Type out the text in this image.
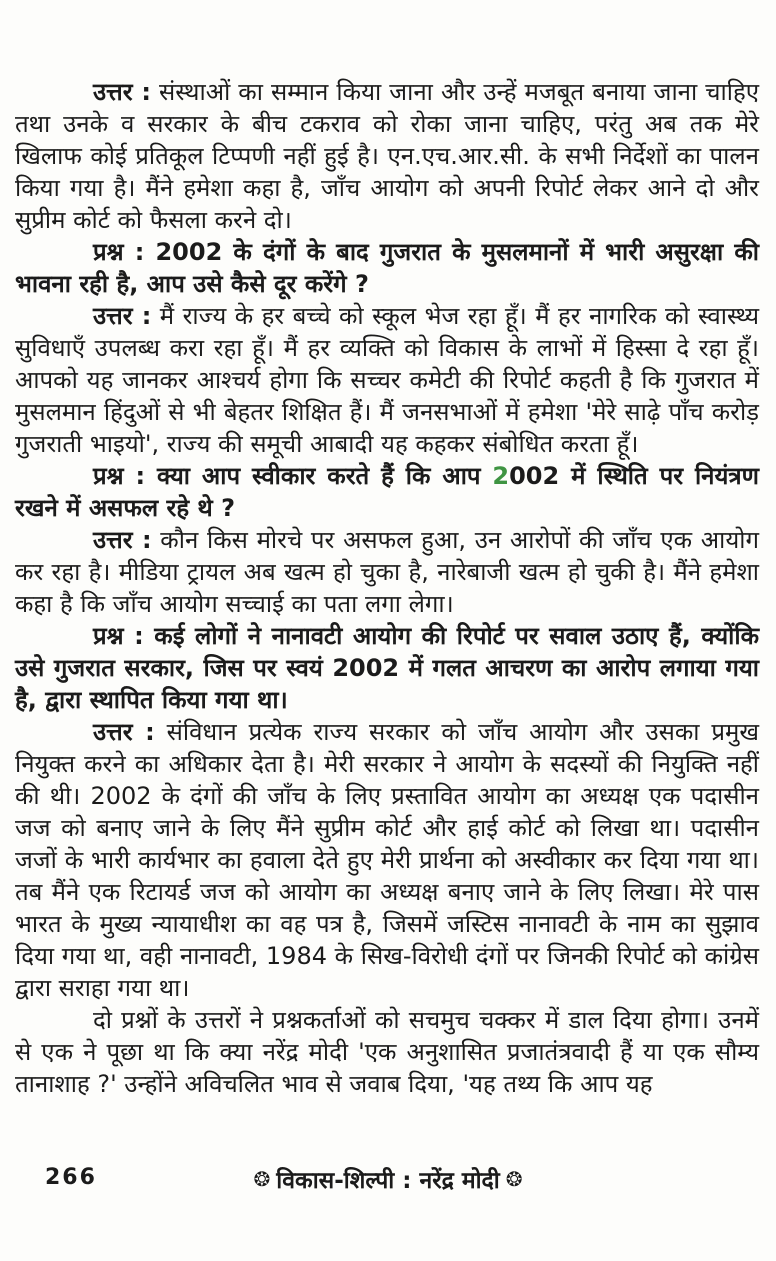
उत्तर : संस्थाओं का सम्मान किया जाना और उन्हें मजबूत बनाया जाना चाहिए तथा उनके व सरकार के बीच टकराव को रोका जाना चाहिए, परंतु अब तक मेरे खिलाफ कोई प्रतिकूल टिप्पणी नहीं हुई है। एन.एच.आर.सी. के सभी निर्देशों का पालन किया गया है। मैंने हमेशा कहा है, जाँच आयोग को अपनी रिपोर्ट लेकर आने दो और सुप्रीम कोर्ट को फैसला करने दो।

प्रश्न : 2002 के दंगों के बाद गुजरात के मुसलमानों में भारी असुरक्षा की भावना रही है, आप उसे कैसे दूर करेंगे ?

उत्तर : मैं राज्य के हर बच्चे को स्कूल भेज रहा हूँ। मैं हर नागरिक को स्वास्थ्य सुविधाएँ उपलब्ध करा रहा हूँ। मैं हर व्यक्ति को विकास के लाभों में हिस्सा दे रहा हूँ। आपको यह जानकर आश्चर्य होगा कि सच्चर कमेटी की रिपोर्ट कहती है कि गुजरात में मुसलमान हिंदुओं से भी बेहतर शिक्षित हैं। मैं जनसभाओं में हमेशा 'मेरे साढ़े पाँच करोड़ गुजराती भाइयो', राज्य की समूची आबादी यह कहकर संबोधित करता हूँ।

प्रश्न : क्या आप स्वीकार करते हैं कि आप 2002 में स्थिति पर नियंत्रण रखने में असफल रहे थे ?

उत्तर : कौन किस मोरचे पर असफल हुआ, उन आरोपों की जाँच एक आयोग कर रहा है। मीडिया ट्रायल अब खत्म हो चुका है, नारेबाजी खत्म हो चुकी है। मैंने हमेशा कहा है कि जाँच आयोग सच्चाई का पता लगा लेगा।

प्रश्न : कई लोगों ने नानावटी आयोग की रिपोर्ट पर सवाल उठाए हैं, क्योंकि उसे गुजरात सरकार, जिस पर स्वयं 2002 में गलत आचरण का आरोप लगाया गया है, द्वारा स्थापित किया गया था।

उत्तर : संविधान प्रत्येक राज्य सरकार को जाँच आयोग और उसका प्रमुख नियुक्त करने का अधिकार देता है। मेरी सरकार ने आयोग के सदस्यों की नियुक्ति नहीं की थी। 2002 के दंगों की जाँच के लिए प्रस्तावित आयोग का अध्यक्ष एक पदासीन जज को बनाए जाने के लिए मैंने सुप्रीम कोर्ट और हाई कोर्ट को लिखा था। पदासीन जजों के भारी कार्यभार का हवाला देते हुए मेरी प्रार्थना को अस्वीकार कर दिया गया था। तब मैंने एक रिटायर्ड जज को आयोग का अध्यक्ष बनाए जाने के लिए लिखा। मेरे पास भारत के मुख्य न्यायाधीश का वह पत्र है, जिसमें जस्टिस नानावटी के नाम का सुझाव दिया गया था, वही नानावटी, 1984 के सिख-विरोधी दंगों पर जिनकी रिपोर्ट को कांग्रेस द्वारा सराहा गया था।

दो प्रश्नों के उत्तरों ने प्रश्नकर्ताओं को सचमुच चक्कर में डाल दिया होगा। उनमें से एक ने पूछा था कि क्या नरेंद्र मोदी 'एक अनुशासित प्रजातंत्रवादी हैं या एक सौम्य तानाशाह ?' उन्होंने अविचलित भाव से जवाब दिया, 'यह तथ्य कि आप यह

266	❂ विकास-शिल्पी : नरेंद्र मोदी ❂
